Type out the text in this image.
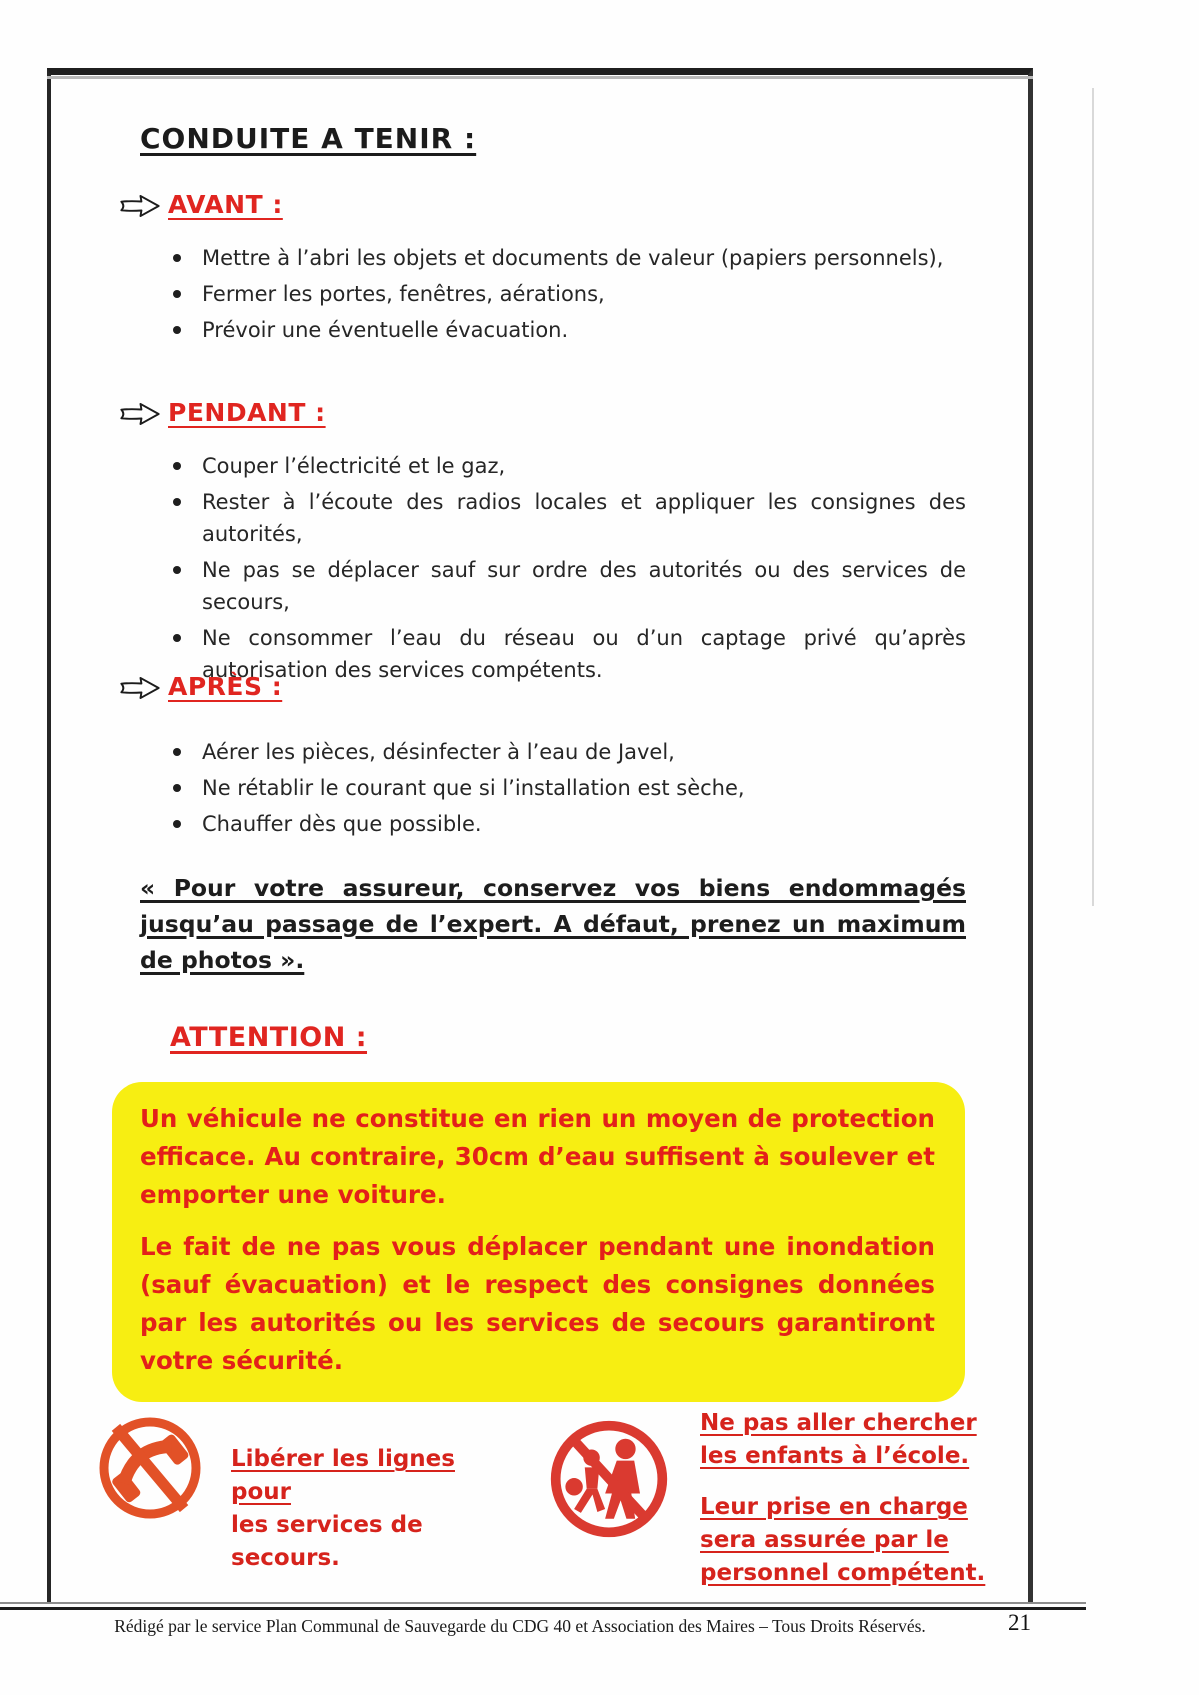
CONDUITE A TENIR :
AVANT :
Mettre à l’abri les objets et documents de valeur (papiers personnels),
Fermer les portes, fenêtres, aérations,
Prévoir une éventuelle évacuation.
PENDANT :
Couper l’électricité et le gaz,
Rester à l’écoute des radios locales et appliquer les consignes des autorités,
Ne pas se déplacer sauf sur ordre des autorités ou des services de secours,
Ne consommer l’eau du réseau ou d’un captage privé qu’après autorisation des services compétents.
APRÈS :
Aérer les pièces, désinfecter à l’eau de Javel,
Ne rétablir le courant que si l’installation est sèche,
Chauffer dès que possible.
« Pour votre assureur, conservez vos biens endommagés jusqu’au passage de l’expert. A défaut, prenez un maximum de photos ».
ATTENTION :

Un véhicule ne constitue en rien un moyen de protection efficace. Au contraire, 30cm d’eau suffisent à soulever et emporter une voiture.

Le fait de ne pas vous déplacer pendant une inondation (sauf évacuation) et le respect des consignes données par les autorités ou les services de secours garantiront votre sécurité.

Libérer les lignes pour
les services de secours.

Ne pas aller chercher les enfants à l’école.

Leur prise en charge sera assurée par le personnel compétent.

Rédigé par le service Plan Communal de Sauvegarde du CDG 40 et Association des Maires – Tous Droits Réservés.	21
